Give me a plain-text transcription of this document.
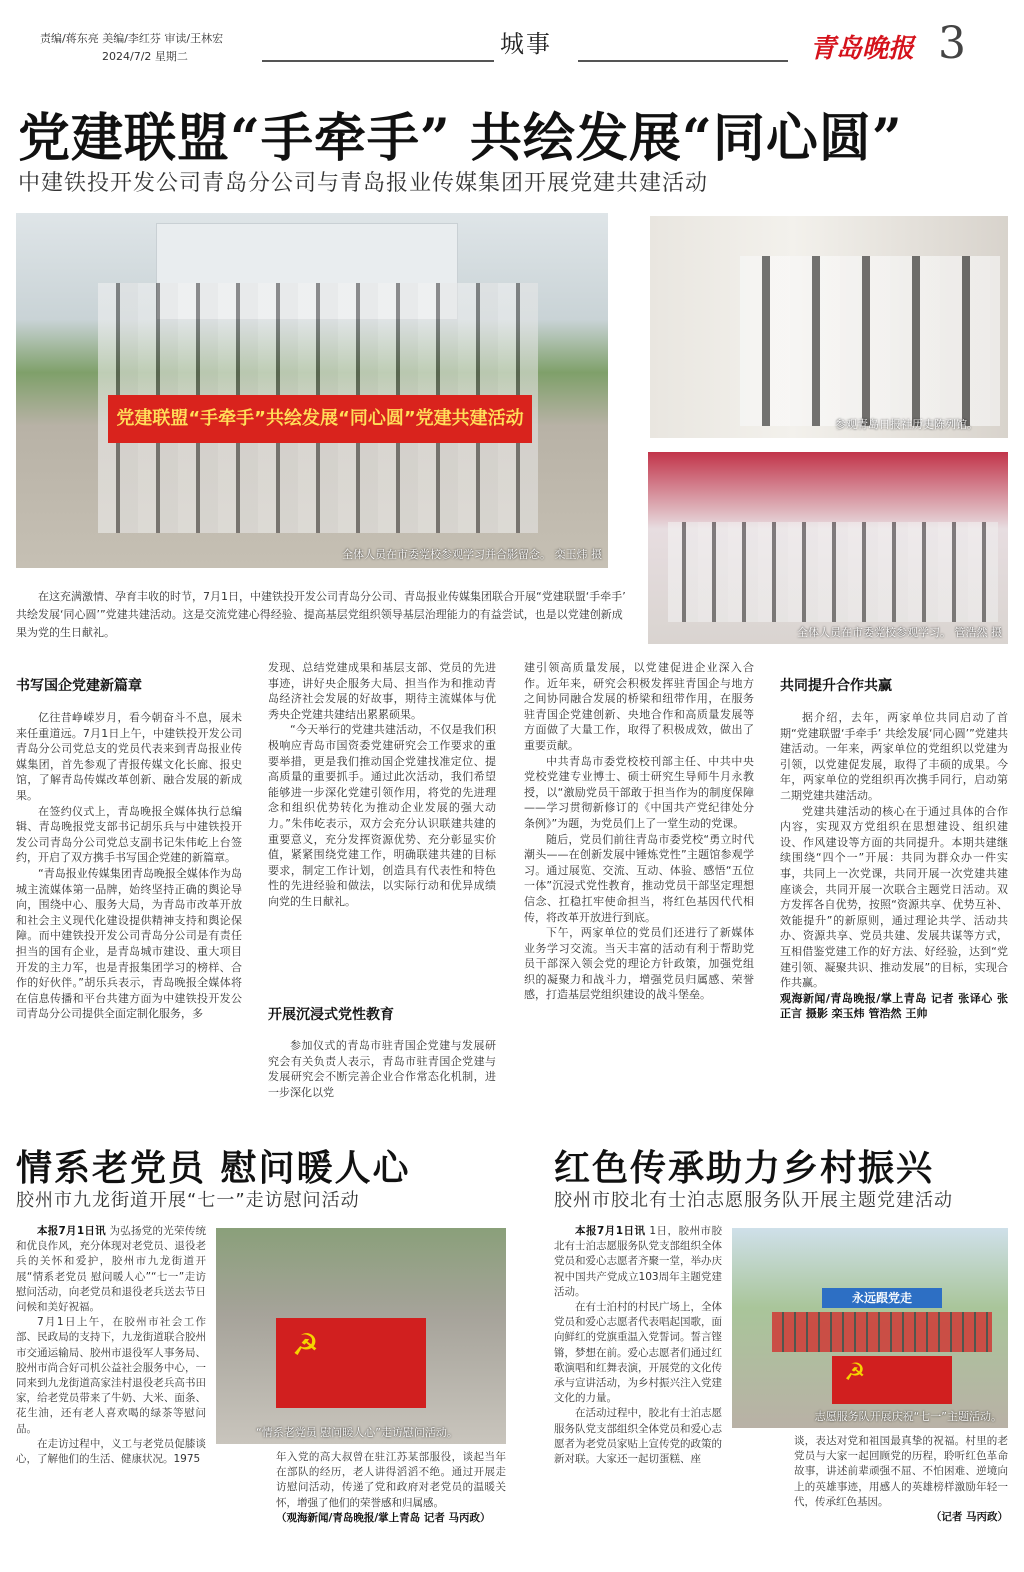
责编/蒋东亮 美编/李红芬 审读/王林宏
2024/7/2 星期二	城事	青岛晚报 3
党建联盟“手牵手” 共绘发展“同心圆”
中建铁投开发公司青岛分公司与青岛报业传媒集团开展党建共建活动
党建联盟“手牵手”共绘发展“同心圆”党建共建活动
全体人员在市委党校参观学习并合影留念。 栾玉炜 摄
参观青岛日报社历史陈列馆。
全体人员在市委党校参观学习。 管浩然 摄
在这充满激情、孕育丰收的时节，7月1日，中建铁投开发公司青岛分公司、青岛报业传媒集团联合开展“党建联盟‘手牵手’ 共绘发展‘同心圆’”党建共建活动。这是交流党建心得经验、提高基层党组织领导基层治理能力的有益尝试，也是以党建创新成果为党的生日献礼。
书写国企党建新篇章

亿往昔峥嵘岁月，看今朝奋斗不息，展未来任重道远。7月1日上午，中建铁投开发公司青岛分公司党总支的党员代表来到青岛报业传媒集团，首先参观了青报传媒文化长廊、报史馆，了解青岛传媒改革创新、融合发展的新成果。

在签约仪式上，青岛晚报全媒体执行总编辑、青岛晚报党支部书记胡乐兵与中建铁投开发公司青岛分公司党总支副书记朱伟屹上台签约，开启了双方携手书写国企党建的新篇章。

“青岛报业传媒集团青岛晚报全媒体作为岛城主流媒体第一品牌，始终坚持正确的舆论导向，围绕中心、服务大局，为青岛市改革开放和社会主义现代化建设提供精神支持和舆论保障。而中建铁投开发公司青岛分公司是有责任担当的国有企业，是青岛城市建设、重大项目开发的主力军，也是青报集团学习的榜样、合作的好伙伴。”胡乐兵表示，青岛晚报全媒体将在信息传播和平台共建方面为中建铁投开发公司青岛分公司提供全面定制化服务，多

发现、总结党建成果和基层支部、党员的先进事迹，讲好央企服务大局、担当作为和推动青岛经济社会发展的好故事，期待主流媒体与优秀央企党建共建结出累累硕果。

“今天举行的党建共建活动，不仅是我们积极响应青岛市国资委党建研究会工作要求的重要举措，更是我们推动国企党建找准定位、提高质量的重要抓手。通过此次活动，我们希望能够进一步深化党建引领作用，将党的先进理念和组织优势转化为推动企业发展的强大动力。”朱伟屹表示，双方会充分认识联建共建的重要意义，充分发挥资源优势、充分彰显实价值，紧紧围绕党建工作，明确联建共建的目标要求，制定工作计划，创造具有代表性和特色性的先进经验和做法，以实际行动和优异成绩向党的生日献礼。

开展沉浸式党性教育

参加仪式的青岛市驻青国企党建与发展研究会有关负责人表示，青岛市驻青国企党建与发展研究会不断完善企业合作常态化机制，进一步深化以党

建引领高质量发展，以党建促进企业深入合作。近年来，研究会积极发挥驻青国企与地方之间协同融合发展的桥梁和纽带作用，在服务驻青国企党建创新、央地合作和高质量发展等方面做了大量工作，取得了积极成效，做出了重要贡献。

中共青岛市委党校校刊部主任、中共中央党校党建专业博士、硕士研究生导师牛月永教授，以“激励党员干部敢于担当作为的制度保障——学习贯彻新修订的《中国共产党纪律处分条例》”为题，为党员们上了一堂生动的党课。

随后，党员们前往青岛市委党校“勇立时代潮头——在创新发展中锤炼党性”主题馆参观学习。通过展览、交流、互动、体验、感悟“五位一体”沉浸式党性教育，推动党员干部坚定理想信念、扛稳扛牢使命担当，将红色基因代代相传，将改革开放进行到底。

下午，两家单位的党员们还进行了新媒体业务学习交流。当天丰富的活动有利于帮助党员干部深入领会党的理论方针政策，加强党组织的凝聚力和战斗力，增强党员归属感、荣誉感，打造基层党组织建设的战斗堡垒。

共同提升合作共赢

据介绍，去年，两家单位共同启动了首期“党建联盟‘手牵手’ 共绘发展‘同心圆’”党建共建活动。一年来，两家单位的党组织以党建为引领，以党建促发展，取得了丰硕的成果。今年，两家单位的党组织再次携手同行，启动第二期党建共建活动。

党建共建活动的核心在于通过具体的合作内容，实现双方党组织在思想建设、组织建设、作风建设等方面的共同提升。本期共建继续围绕“四个一”开展：共同为群众办一件实事，共同上一次党课，共同开展一次党建共建座谈会，共同开展一次联合主题党日活动。双方发挥各自优势，按照“资源共享、优势互补、效能提升”的新原则，通过理论共学、活动共办、资源共享、党员共建、发展共谋等方式，互相借鉴党建工作的好方法、好经验，达到“党建引领、凝聚共识、推动发展”的目标，实现合作共赢。

观海新闻/青岛晚报/掌上青岛 记者 张译心 张正言 摄影 栾玉炜 管浩然 王帅

情系老党员 慰问暖人心
胶州市九龙街道开展“七一”走访慰问活动

本报7月1日讯 为弘扬党的光荣传统和优良作风，充分体现对老党员、退役老兵的关怀和爱护，胶州市九龙街道开展“情系老党员 慰问暖人心”“七一”走访慰问活动，向老党员和退役老兵送去节日问候和美好祝福。

7月1日上午，在胶州市社会工作部、民政局的支持下，九龙街道联合胶州市交通运输局、胶州市退役军人事务局、胶州市尚合好司机公益社会服务中心，一同来到九龙街道高家洼村退役老兵高书田家，给老党员带来了牛奶、大米、面条、花生油，还有老人喜欢喝的绿茶等慰问品。

在走访过程中，义工与老党员促膝谈心，了解他们的生活、健康状况。1975

☭
“情系老党员 慰问暖人心”走访慰问活动。

年入党的高大叔曾在驻江苏某部服役，谈起当年在部队的经历，老人讲得滔滔不绝。通过开展走访慰问活动，传递了党和政府对老党员的温暖关怀，增强了他们的荣誉感和归属感。

（观海新闻/青岛晚报/掌上青岛 记者 马丙政）

红色传承助力乡村振兴
胶州市胶北有士泊志愿服务队开展主题党建活动

本报7月1日讯 1日，胶州市胶北有士泊志愿服务队党支部组织全体党员和爱心志愿者齐聚一堂，举办庆祝中国共产党成立103周年主题党建活动。

在有士泊村的村民广场上，全体党员和爱心志愿者代表唱起国歌，面向鲜红的党旗重温入党誓词。誓言铿锵，梦想在前。爱心志愿者们通过红歌演唱和红舞表演，开展党的文化传承与宣讲活动，为乡村振兴注入党建文化的力量。

在活动过程中，胶北有士泊志愿服务队党支部组织全体党员和爱心志愿者为老党员家贴上宣传党的政策的新对联。大家还一起切蛋糕、座

永远跟党走
☭
志愿服务队开展庆祝“七一”主题活动。

谈，表达对党和祖国最真挚的祝福。村里的老党员与大家一起回顾党的历程，聆听红色革命故事，讲述前辈顽强不屈、不怕困难、逆境向上的英雄事迹，用感人的英雄榜样激励年轻一代，传承红色基因。

（记者 马丙政）
